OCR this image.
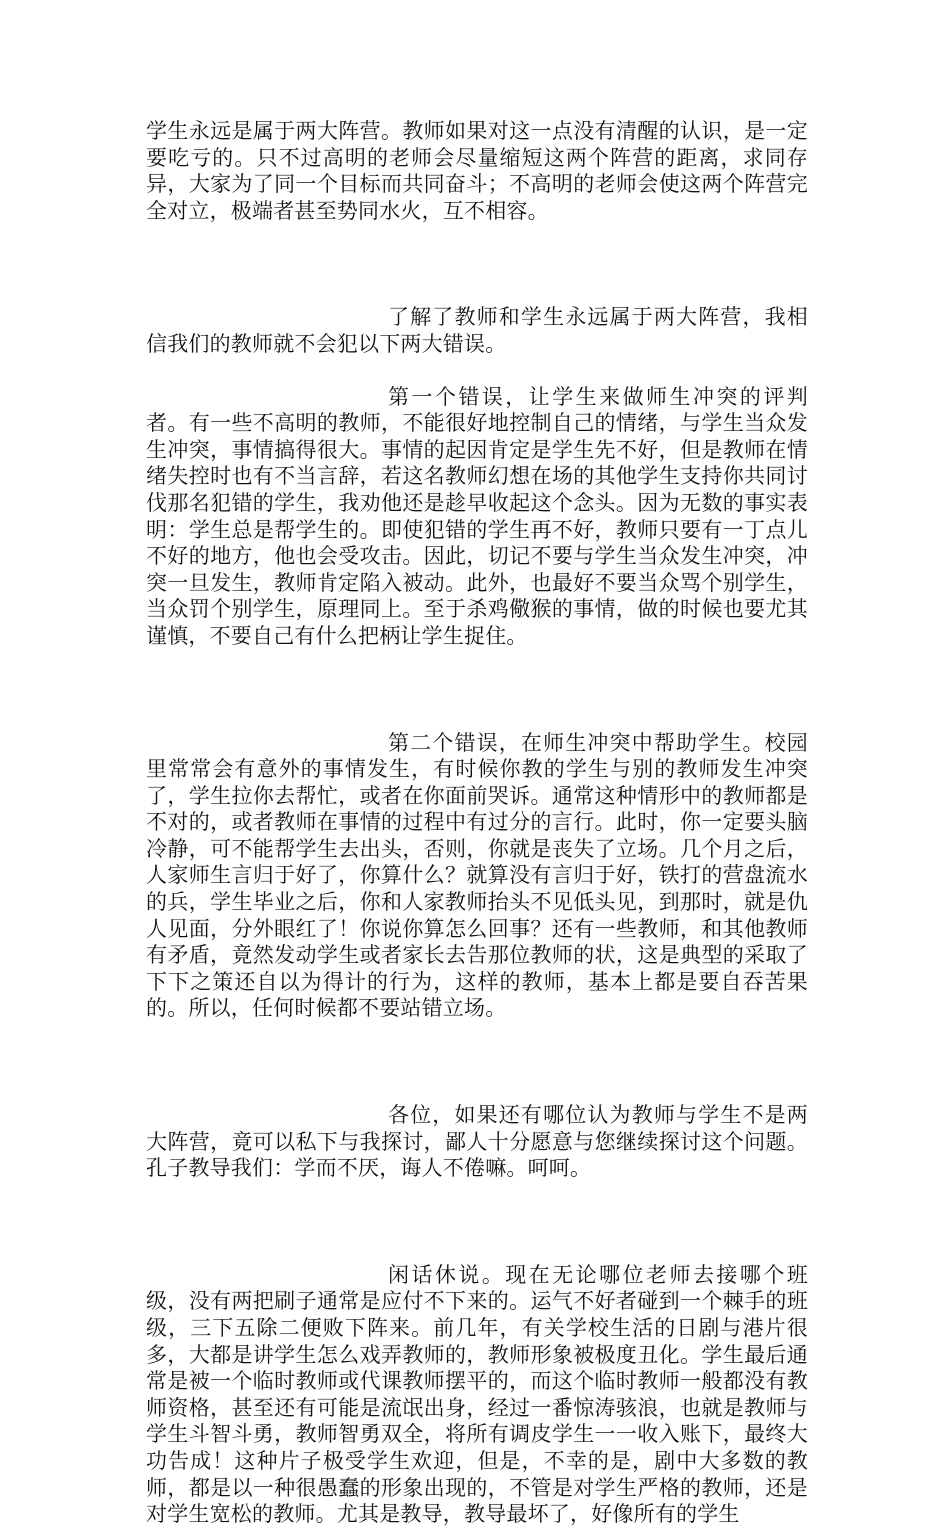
学生永远是属于两大阵营。教师如果对这一点没有清醒的认识，是一定要吃亏的。只不过高明的老师会尽量缩短这两个阵营的距离，求同存异，大家为了同一个目标而共同奋斗；不高明的老师会使这两个阵营完全对立，极端者甚至势同水火，互不相容。

了解了教师和学生永远属于两大阵营，我相信我们的教师就不会犯以下两大错误。

第一个错误，让学生来做师生冲突的评判者。有一些不高明的教师，不能很好地控制自己的情绪，与学生当众发生冲突，事情搞得很大。事情的起因肯定是学生先不好，但是教师在情绪失控时也有不当言辞，若这名教师幻想在场的其他学生支持你共同讨伐那名犯错的学生，我劝他还是趁早收起这个念头。因为无数的事实表明：学生总是帮学生的。即使犯错的学生再不好，教师只要有一丁点儿不好的地方，他也会受攻击。因此，切记不要与学生当众发生冲突，冲突一旦发生，教师肯定陷入被动。此外，也最好不要当众骂个别学生，当众罚个别学生，原理同上。至于杀鸡儆猴的事情，做的时候也要尤其谨慎，不要自己有什么把柄让学生捉住。

第二个错误，在师生冲突中帮助学生。校园里常常会有意外的事情发生，有时候你教的学生与别的教师发生冲突了，学生拉你去帮忙，或者在你面前哭诉。通常这种情形中的教师都是不对的，或者教师在事情的过程中有过分的言行。此时，你一定要头脑冷静，可不能帮学生去出头，否则，你就是丧失了立场。几个月之后，人家师生言归于好了，你算什么？就算没有言归于好，铁打的营盘流水的兵，学生毕业之后，你和人家教师抬头不见低头见，到那时，就是仇人见面，分外眼红了！你说你算怎么回事？还有一些教师，和其他教师有矛盾，竟然发动学生或者家长去告那位教师的状，这是典型的采取了下下之策还自以为得计的行为，这样的教师，基本上都是要自吞苦果的。所以，任何时候都不要站错立场。

各位，如果还有哪位认为教师与学生不是两大阵营，竟可以私下与我探讨，鄙人十分愿意与您继续探讨这个问题。孔子教导我们：学而不厌，诲人不倦嘛。呵呵。

闲话休说。现在无论哪位老师去接哪个班级，没有两把刷子通常是应付不下来的。运气不好者碰到一个棘手的班级，三下五除二便败下阵来。前几年，有关学校生活的日剧与港片很多，大都是讲学生怎么戏弄教师的，教师形象被极度丑化。学生最后通常是被一个临时教师或代课教师摆平的，而这个临时教师一般都没有教师资格，甚至还有可能是流氓出身，经过一番惊涛骇浪，也就是教师与学生斗智斗勇，教师智勇双全，将所有调皮学生一一收入账下，最终大功告成！这种片子极受学生欢迎，但是，不幸的是，剧中大多数的教师，都是以一种很愚蠢的形象出现的，不管是对学生严格的教师，还是对学生宽松的教师。尤其是教导，教导最坏了，好像所有的学生
